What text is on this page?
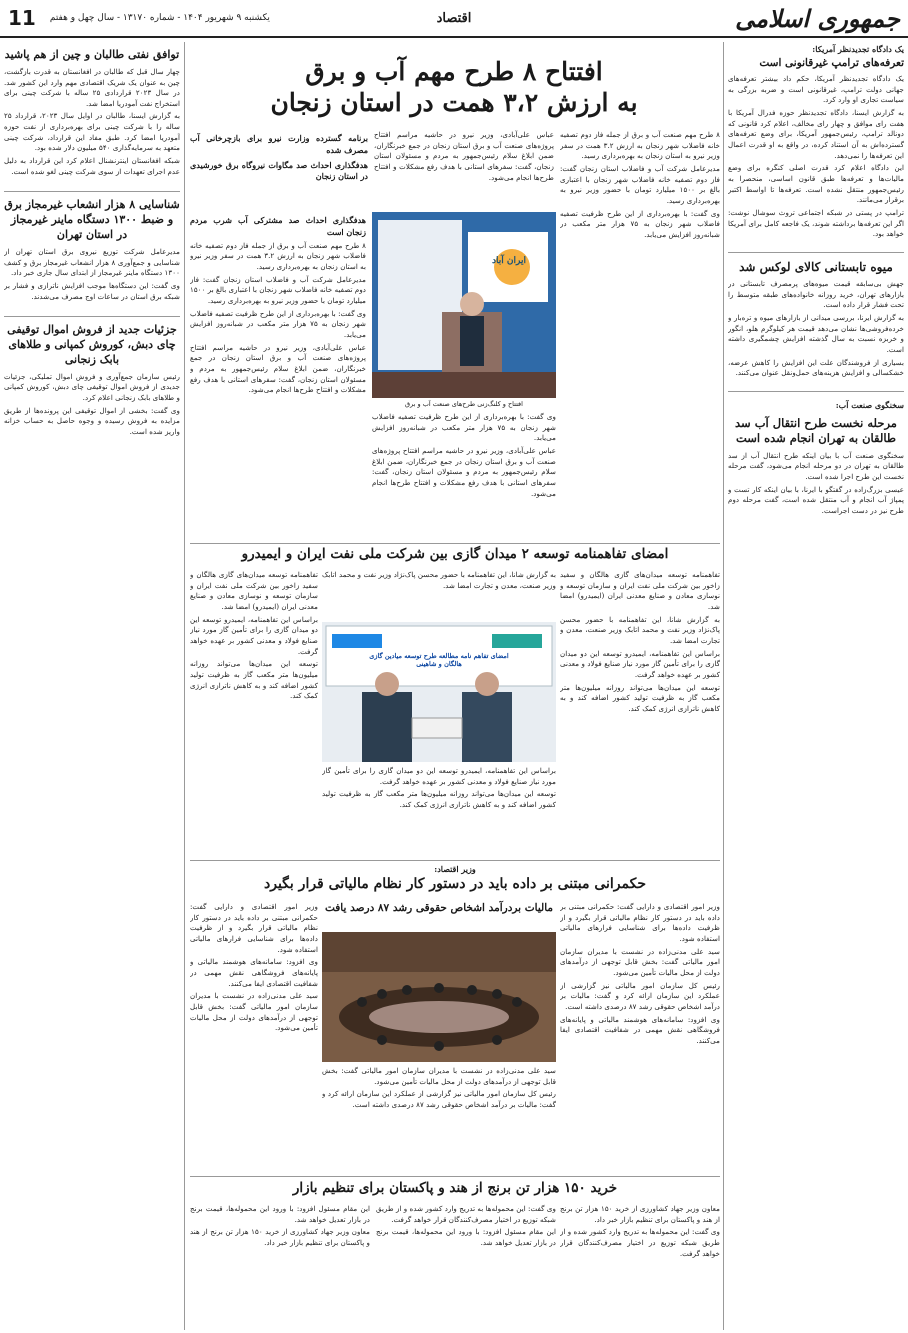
جمهوری اسلامی
اقتصاد
11 یکشنبه ۹ شهریور ۱۴۰۴ - شماره ۱۳۱۷۰ - سال چهل و هفتم
یک دادگاه تجدیدنظر آمریکا:
تعرفه‌های ترامپ غیرقانونی است

یک دادگاه تجدیدنظر آمریکا، حکم داد بیشتر تعرفه‌های جهانی دولت ترامپ، غیرقانونی است و ضربه بزرگی به سیاست تجاری او وارد کرد.

به گزارش ایسنا، دادگاه تجدیدنظر حوزه فدرال آمریکا با هفت رای موافق و چهار رای مخالف، اعلام کرد قانونی که دونالد ترامپ، رئیس‌جمهور آمریکا، برای وضع تعرفه‌های گسترده‌اش به آن استناد کرده، در واقع به او قدرت اعمال این تعرفه‌ها را نمی‌دهد.

این دادگاه اعلام کرد قدرت اصلی کنگره برای وضع مالیات‌ها و تعرفه‌ها طبق قانون اساسی، منحصرا به رئیس‌جمهور منتقل نشده است. تعرفه‌ها تا اواسط اکتبر برقرار می‌مانند.

ترامپ در پستی در شبکه اجتماعی تروث سوشال نوشت: اگر این تعرفه‌ها برداشته شوند، یک فاجعه کامل برای آمریکا خواهد بود.

میوه تابستانی کالای لوکس شد

جهش بی‌سابقه قیمت میوه‌های پرمصرف تابستانی در بازارهای تهران، خرید روزانه خانواده‌های طبقه متوسط را تحت فشار قرار داده است.

به گزارش ایرنا، بررسی میدانی از بازارهای میوه و تره‌بار و خرده‌فروشی‌ها نشان می‌دهد قیمت هر کیلوگرم هلو، انگور و خربزه نسبت به سال گذشته افزایش چشمگیری داشته است.

بسیاری از فروشندگان علت این افزایش را کاهش عرضه، خشکسالی و افزایش هزینه‌های حمل‌ونقل عنوان می‌کنند.

سخنگوی صنعت آب:
مرحله نخست طرح انتقال آب سد طالقان به تهران انجام شده است

سخنگوی صنعت آب با بیان اینکه طرح انتقال آب از سد طالقان به تهران در دو مرحله انجام می‌شود، گفت مرحله نخست این طرح اجرا شده است.

عیسی بزرگ‌زاده در گفتگو با ایرنا، با بیان اینکه کار تست و پمپاژ آب انجام و آب منتقل شده است، گفت مرحله دوم طرح نیز در دست اجراست.

توافق نفتی طالبان و چین از هم پاشید

چهار سال قبل که طالبان در افغانستان به قدرت بازگشت، چین به عنوان یک شریک اقتصادی مهم وارد این کشور شد. در سال ۲۰۲۳ قراردادی ۲۵ ساله با شرکت چینی برای استخراج نفت آمودریا امضا شد.

به گزارش ایسنا، طالبان در اوایل سال ۲۰۲۳، قرارداد ۲۵ ساله را با شرکت چینی برای بهره‌برداری از نفت حوزه آمودریا امضا کرد. طبق مفاد این قرارداد، شرکت چینی متعهد به سرمایه‌گذاری ۵۴۰ میلیون دلار شده بود.

شبکه افغانستان اینترنشنال اعلام کرد این قرارداد به دلیل عدم اجرای تعهدات از سوی شرکت چینی لغو شده است.

شناسایی ۸ هزار انشعاب غیرمجاز برق و ضبط ۱۳۰۰ دستگاه ماینر غیرمجاز در استان تهران

مدیرعامل شرکت توزیع نیروی برق استان تهران از شناسایی و جمع‌آوری ۸ هزار انشعاب غیرمجاز برق و کشف ۱۳۰۰ دستگاه ماینر غیرمجاز از ابتدای سال جاری خبر داد.

وی گفت: این دستگاه‌ها موجب افزایش ناترازی و فشار بر شبکه برق استان در ساعات اوج مصرف می‌شدند.

جزئیات جدید از فروش اموال توقیفی چای دبش، کوروش کمپانی و طلاهای بابک زنجانی

رئیس سازمان جمع‌آوری و فروش اموال تملیکی، جزئیات جدیدی از فروش اموال توقیفی چای دبش، کوروش کمپانی و طلاهای بابک زنجانی اعلام کرد.

وی گفت: بخشی از اموال توقیفی این پرونده‌ها از طریق مزایده به فروش رسیده و وجوه حاصل به حساب خزانه واریز شده است.

افتتاح ۸ طرح مهم آب و برق
به ارزش ۳،۲ همت در استان زنجان

۸ طرح مهم صنعت آب و برق از جمله فاز دوم تصفیه خانه فاضلاب شهر زنجان به ارزش ۳.۲ همت در سفر وزیر نیرو به استان زنجان به بهره‌برداری رسید.

مدیرعامل شرکت آب و فاضلاب استان زنجان گفت: فاز دوم تصفیه خانه فاضلاب شهر زنجان با اعتباری بالغ بر ۱۵۰۰ میلیارد تومان با حضور وزیر نیرو به بهره‌برداری رسید.

وی گفت: با بهره‌برداری از این طرح ظرفیت تصفیه فاضلاب شهر زنجان به ۷۵ هزار متر مکعب در شبانه‌روز افزایش می‌یابد.

عباس علی‌آبادی، وزیر نیرو در حاشیه مراسم افتتاح پروژه‌های صنعت آب و برق استان زنجان در جمع خبرنگاران، ضمن ابلاغ سلام رئیس‌جمهور به مردم و مسئولان استان زنجان، گفت: سفرهای استانی با هدف رفع مشکلات و افتتاح طرح‌ها انجام می‌شود.

برنامه گسترده وزارت نیرو برای بازچرخانی آب مصرف شده
هدفگذاری احداث صد مگاوات نیروگاه برق خورشیدی در استان زنجان
ایران آباد
افتتاح و کلنگ‌زنی طرح‌های صنعت آب و برق
هدفگذاری احداث صد مشترکی آب شرب مردم زنجان است

۸ طرح مهم صنعت آب و برق از جمله فاز دوم تصفیه خانه فاضلاب شهر زنجان به ارزش ۳.۲ همت در سفر وزیر نیرو به استان زنجان به بهره‌برداری رسید.

مدیرعامل شرکت آب و فاضلاب استان زنجان گفت: فاز دوم تصفیه خانه فاضلاب شهر زنجان با اعتباری بالغ بر ۱۵۰۰ میلیارد تومان با حضور وزیر نیرو به بهره‌برداری رسید.

وی گفت: با بهره‌برداری از این طرح ظرفیت تصفیه فاضلاب شهر زنجان به ۷۵ هزار متر مکعب در شبانه‌روز افزایش می‌یابد.

عباس علی‌آبادی، وزیر نیرو در حاشیه مراسم افتتاح پروژه‌های صنعت آب و برق استان زنجان در جمع خبرنگاران، ضمن ابلاغ سلام رئیس‌جمهور به مردم و مسئولان استان زنجان، گفت: سفرهای استانی با هدف رفع مشکلات و افتتاح طرح‌ها انجام می‌شود.

وی گفت: با بهره‌برداری از این طرح ظرفیت تصفیه فاضلاب شهر زنجان به ۷۵ هزار متر مکعب در شبانه‌روز افزایش می‌یابد.

عباس علی‌آبادی، وزیر نیرو در حاشیه مراسم افتتاح پروژه‌های صنعت آب و برق استان زنجان در جمع خبرنگاران، ضمن ابلاغ سلام رئیس‌جمهور به مردم و مسئولان استان زنجان، گفت: سفرهای استانی با هدف رفع مشکلات و افتتاح طرح‌ها انجام می‌شود.

امضای تفاهمنامه توسعه ۲ میدان گازی بین شرکت ملی نفت ایران و ایمیدرو

تفاهمنامه توسعه میدان‌های گازی هالگان و سفید زاخور بین شرکت ملی نفت ایران و سازمان توسعه و نوسازی معادن و صنایع معدنی ایران (ایمیدرو) امضا شد.

به گزارش شانا، این تفاهمنامه با حضور محسن پاک‌نژاد وزیر نفت و محمد اتابک وزیر صنعت، معدن و تجارت امضا شد.

براساس این تفاهمنامه، ایمیدرو توسعه این دو میدان گازی را برای تأمین گاز مورد نیاز صنایع فولاد و معدنی کشور بر عهده خواهد گرفت.

توسعه این میدان‌ها می‌تواند روزانه میلیون‌ها متر مکعب گاز به ظرفیت تولید کشور اضافه کند و به کاهش ناترازی انرژی کمک کند.

به گزارش شانا، این تفاهمنامه با حضور محسن پاک‌نژاد وزیر نفت و محمد اتابک وزیر صنعت، معدن و تجارت امضا شد.

امضای تفاهم نامه مطالعه طرح توسعه میادین گازی هالگان و شاهینی

براساس این تفاهمنامه، ایمیدرو توسعه این دو میدان گازی را برای تأمین گاز مورد نیاز صنایع فولاد و معدنی کشور بر عهده خواهد گرفت.

توسعه این میدان‌ها می‌تواند روزانه میلیون‌ها متر مکعب گاز به ظرفیت تولید کشور اضافه کند و به کاهش ناترازی انرژی کمک کند.

تفاهمنامه توسعه میدان‌های گازی هالگان و سفید زاخور بین شرکت ملی نفت ایران و سازمان توسعه و نوسازی معادن و صنایع معدنی ایران (ایمیدرو) امضا شد.

براساس این تفاهمنامه، ایمیدرو توسعه این دو میدان گازی را برای تأمین گاز مورد نیاز صنایع فولاد و معدنی کشور بر عهده خواهد گرفت.

توسعه این میدان‌ها می‌تواند روزانه میلیون‌ها متر مکعب گاز به ظرفیت تولید کشور اضافه کند و به کاهش ناترازی انرژی کمک کند.

وزیر اقتصاد:
حکمرانی مبتنی بر داده باید در دستور کار نظام مالیاتی قرار بگیرد

وزیر امور اقتصادی و دارایی گفت: حکمرانی مبتنی بر داده باید در دستور کار نظام مالیاتی قرار بگیرد و از ظرفیت داده‌ها برای شناسایی فرارهای مالیاتی استفاده شود.

سید علی مدنی‌زاده در نشست با مدیران سازمان امور مالیاتی گفت: بخش قابل توجهی از درآمدهای دولت از محل مالیات تأمین می‌شود.

رئیس کل سازمان امور مالیاتی نیز گزارشی از عملکرد این سازمان ارائه کرد و گفت: مالیات بر درآمد اشخاص حقوقی رشد ۸۷ درصدی داشته است.

وی افزود: سامانه‌های هوشمند مالیاتی و پایانه‌های فروشگاهی نقش مهمی در شفافیت اقتصادی ایفا می‌کنند.

مالیات بردرآمد اشخاص حقوقی رشد ۸۷ درصد یافت

سید علی مدنی‌زاده در نشست با مدیران سازمان امور مالیاتی گفت: بخش قابل توجهی از درآمدهای دولت از محل مالیات تأمین می‌شود.

رئیس کل سازمان امور مالیاتی نیز گزارشی از عملکرد این سازمان ارائه کرد و گفت: مالیات بر درآمد اشخاص حقوقی رشد ۸۷ درصدی داشته است.

وزیر امور اقتصادی و دارایی گفت: حکمرانی مبتنی بر داده باید در دستور کار نظام مالیاتی قرار بگیرد و از ظرفیت داده‌ها برای شناسایی فرارهای مالیاتی استفاده شود.

وی افزود: سامانه‌های هوشمند مالیاتی و پایانه‌های فروشگاهی نقش مهمی در شفافیت اقتصادی ایفا می‌کنند.

سید علی مدنی‌زاده در نشست با مدیران سازمان امور مالیاتی گفت: بخش قابل توجهی از درآمدهای دولت از محل مالیات تأمین می‌شود.

خرید ۱۵۰ هزار تن برنج از هند و پاکستان برای تنظیم بازار

معاون وزیر جهاد کشاورزی از خرید ۱۵۰ هزار تن برنج از هند و پاکستان برای تنظیم بازار خبر داد.

وی گفت: این محموله‌ها به تدریج وارد کشور شده و از طریق شبکه توزیع در اختیار مصرف‌کنندگان قرار خواهد گرفت.

وی گفت: این محموله‌ها به تدریج وارد کشور شده و از طریق شبکه توزیع در اختیار مصرف‌کنندگان قرار خواهد گرفت.

این مقام مسئول افزود: با ورود این محموله‌ها، قیمت برنج در بازار تعدیل خواهد شد.

این مقام مسئول افزود: با ورود این محموله‌ها، قیمت برنج در بازار تعدیل خواهد شد.

معاون وزیر جهاد کشاورزی از خرید ۱۵۰ هزار تن برنج از هند و پاکستان برای تنظیم بازار خبر داد.
